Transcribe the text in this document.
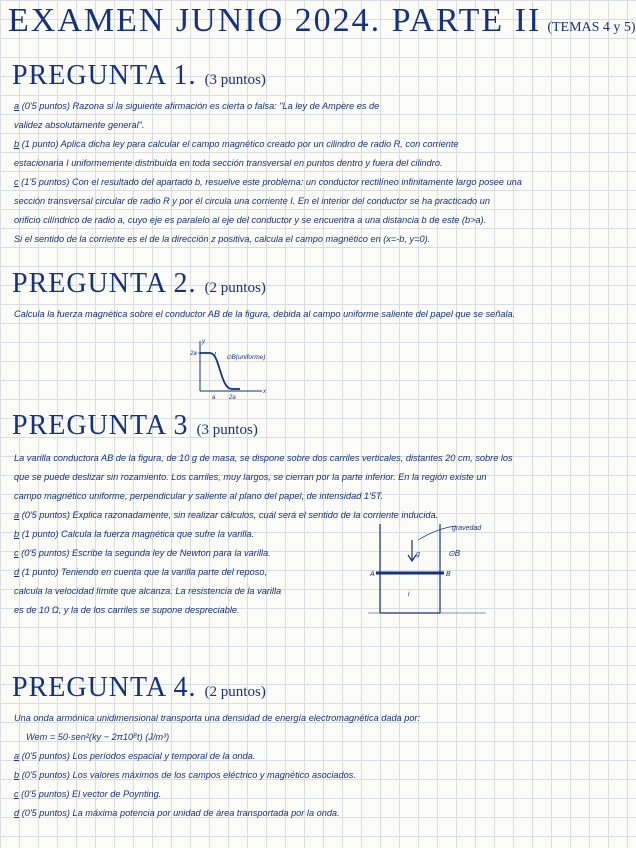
EXAMEN JUNIO 2024. PARTE II (TEMAS 4 y 5)
PREGUNTA 1. (3 puntos)
a (0'5 puntos) Razona si la siguiente afirmación es cierta o falsa: "La ley de Ampère es de
validez absolutamente general".
b (1 punto) Aplica dicha ley para calcular el campo magnético creado por un cilindro de radio R, con corriente
estacionaria I uniformemente distribuida en toda sección transversal en puntos dentro y fuera del cilindro.
c (1'5 puntos) Con el resultado del apartado b, resuelve este problema: un conductor rectilíneo infinitamente largo posee una
sección transversal circular de radio R y por él circula una corriente I. En el interior del conductor se ha practicado un
orificio cilíndrico de radio a, cuyo eje es paralelo al eje del conductor y se encuentra a una distancia b de este (b>a).
Si el sentido de la corriente es el de la dirección z positiva, calcula el campo magnético en (x=-b, y=0).
PREGUNTA 2. (2 puntos)
Calcula la fuerza magnética sobre el conductor AB de la figura, debida al campo uniforme saliente del papel que se señala.
2a I ⊙B(uniforme)
a 2a
x
y
PREGUNTA 3 (3 puntos)
La varilla conductora AB de la figura, de 10 g de masa, se dispone sobre dos carriles verticales, distantes 20 cm, sobre los
que se puede deslizar sin rozamiento. Los carriles, muy largos, se cierran por la parte inferior. En la región existe un
campo magnético uniforme, perpendicular y saliente al plano del papel, de intensidad 1'5T.
a (0'5 puntos) Explica razonadamente, sin realizar cálculos, cuál será el sentido de la corriente inducida.
b (1 punto) Calcula la fuerza magnética que sufre la varilla.
c (0'5 puntos) Escribe la segunda ley de Newton para la varilla.
d (1 punto) Teniendo en cuenta que la varilla parte del reposo,
calcula la velocidad límite que alcanza. La resistencia de la varilla
es de 10 Ω, y la de los carriles se supone despreciable.
gravedad
g	⊙B
A	B
i
PREGUNTA 4. (2 puntos)
Una onda armónica unidimensional transporta una densidad de energía electromagnética dada por:
Wem = 50·sen²(ky − 2π10⁸t) (J/m³)
a (0'5 puntos) Los períodos espacial y temporal de la onda.
b (0'5 puntos) Los valores máximos de los campos eléctrico y magnético asociados.
c (0'5 puntos) El vector de Poynting.
d (0'5 puntos) La máxima potencia por unidad de área transportada por la onda.
